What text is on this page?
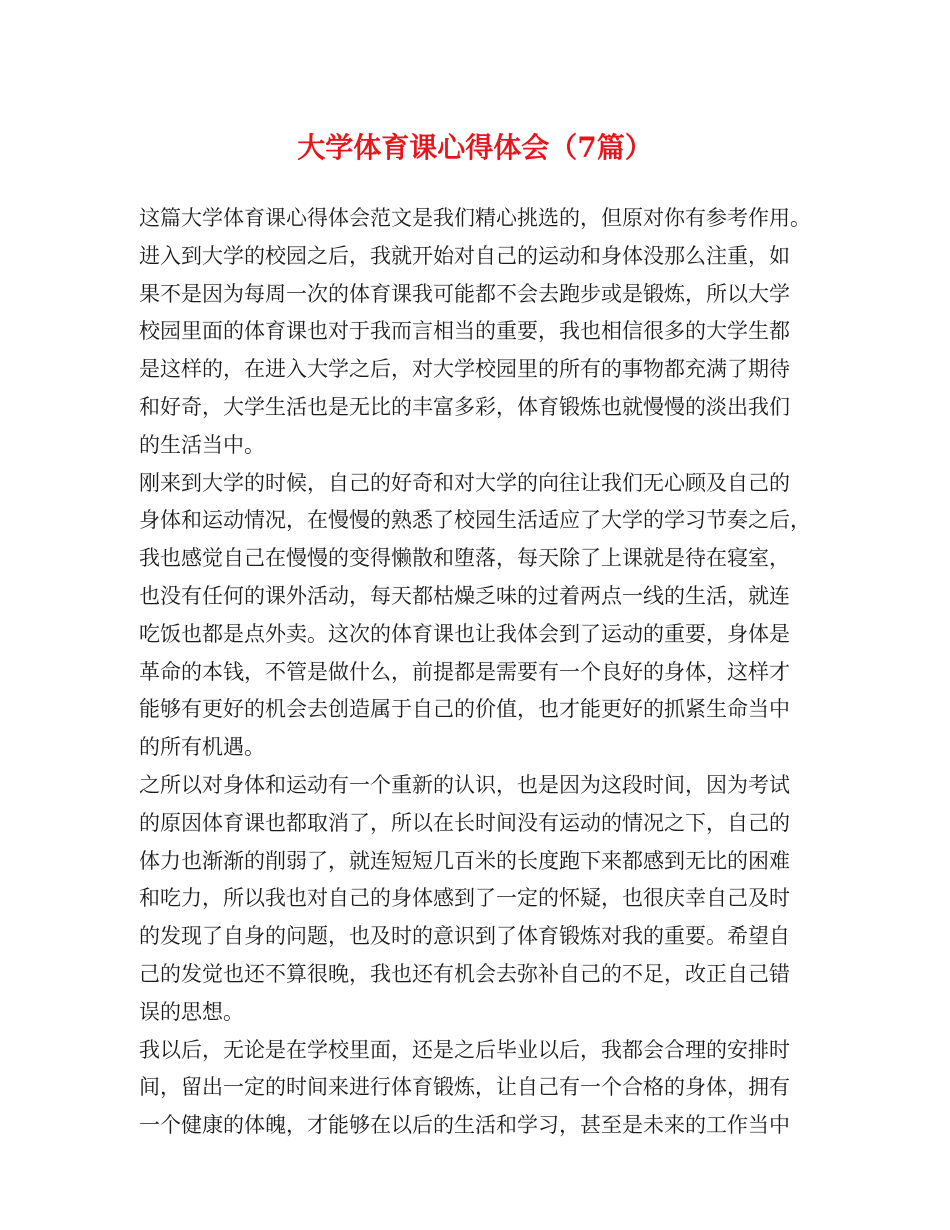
大学体育课心得体会（7篇）
这篇大学体育课心得体会范文是我们精心挑选的，但原对你有参考作用。
进入到大学的校园之后，我就开始对自己的运动和身体没那么注重，如
果不是因为每周一次的体育课我可能都不会去跑步或是锻炼，所以大学
校园里面的体育课也对于我而言相当的重要，我也相信很多的大学生都
是这样的，在进入大学之后，对大学校园里的所有的事物都充满了期待
和好奇，大学生活也是无比的丰富多彩，体育锻炼也就慢慢的淡出我们
的生活当中。
刚来到大学的时候，自己的好奇和对大学的向往让我们无心顾及自己的
身体和运动情况，在慢慢的熟悉了校园生活适应了大学的学习节奏之后，
我也感觉自己在慢慢的变得懒散和堕落，每天除了上课就是待在寝室，
也没有任何的课外活动，每天都枯燥乏味的过着两点一线的生活，就连
吃饭也都是点外卖。这次的体育课也让我体会到了运动的重要，身体是
革命的本钱，不管是做什么，前提都是需要有一个良好的身体，这样才
能够有更好的机会去创造属于自己的价值，也才能更好的抓紧生命当中
的所有机遇。
之所以对身体和运动有一个重新的认识，也是因为这段时间，因为考试
的原因体育课也都取消了，所以在长时间没有运动的情况之下，自己的
体力也渐渐的削弱了，就连短短几百米的长度跑下来都感到无比的困难
和吃力，所以我也对自己的身体感到了一定的怀疑，也很庆幸自己及时
的发现了自身的问题，也及时的意识到了体育锻炼对我的重要。希望自
己的发觉也还不算很晚，我也还有机会去弥补自己的不足，改正自己错
误的思想。
我以后，无论是在学校里面，还是之后毕业以后，我都会合理的安排时
间，留出一定的时间来进行体育锻炼，让自己有一个合格的身体，拥有
一个健康的体魄，才能够在以后的生活和学习，甚至是未来的工作当中
